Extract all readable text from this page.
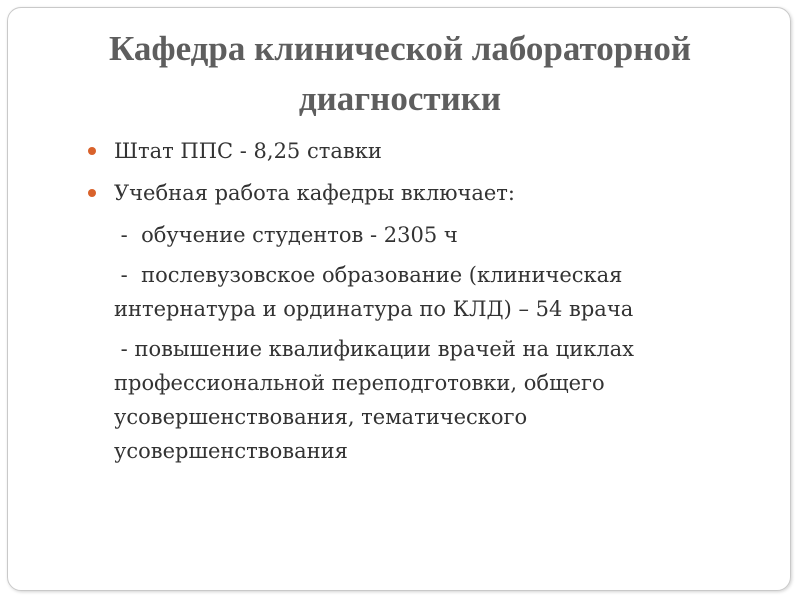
Кафедра клинической лабораторной
диагностики
Штат ППС - 8,25 ставки
Учебная работа кафедры включает:
-  обучение студентов - 2305 ч
-  послевузовское образование (клиническая
интернатура и ординатура по КЛД) – 54 врача
- повышение квалификации врачей на циклах
профессиональной переподготовки, общего
усовершенствования, тематического
усовершенствования
